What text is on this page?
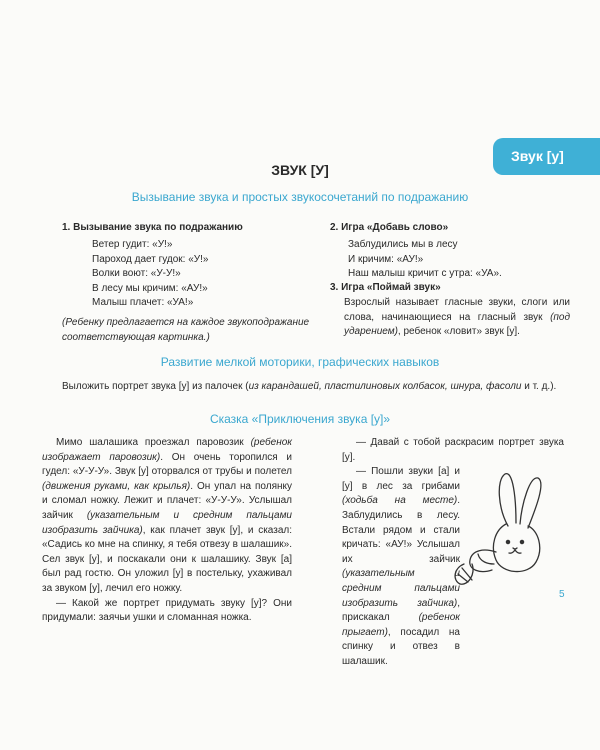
Звук [у]
ЗВУК [У]
Вызывание звука и простых звукосочетаний по подражанию
1. Вызывание звука по подражанию
Ветер гудит: «У!»
Пароход дает гудок: «У!»
Волки воют: «У-У!»
В лесу мы кричим: «АУ!»
Малыш плачет: «УА!»
(Ребенку предлагается на каждое звукоподражание соответствующая картинка.)
2. Игра «Добавь слово»
Заблудились мы в лесу
И кричим: «АУ!»
Наш малыш кричит с утра: «УА».
3. Игра «Поймай звук»
Взрослый называет гласные звуки, слоги или слова, начинающиеся на гласный звук (под ударением), ребенок «ловит» звук [у].
Развитие мелкой моторики, графических навыков
Выложить портрет звука [у] из палочек (из карандашей, пластилиновых колбасок, шнура, фасоли и т. д.).
Сказка «Приключения звука [у]»

Мимо шалашика проезжал паровозик (ребенок изображает паровозик). Он очень торопился и гудел: «У-У-У». Звук [у] оторвался от трубы и полетел (движения руками, как крылья). Он упал на полянку и сломал ножку. Лежит и плачет: «У-У-У». Услышал зайчик (указательным и средним пальцами изобразить зайчика), как плачет звук [у], и сказал: «Садись ко мне на спинку, я тебя отвезу в шалашик». Сел звук [у], и поскакали они к шалашику. Звук [а] был рад гостю. Он уложил [у] в постельку, ухаживал за звуком [у], лечил его ножку.

— Какой же портрет придумать звуку [у]? Они придумали: заячьи ушки и сломанная ножка.

— Давай с тобой раскрасим портрет звука [у].

— Пошли звуки [а] и [у] в лес за грибами (ходьба на месте). Заблудились в лесу. Встали рядом и стали кричать: «АУ!» Услышал их зайчик (указательным и средним пальцами изобразить зайчика), прискакал (ребенок прыгает), посадил на спинку и отвез в шалашик.

5
